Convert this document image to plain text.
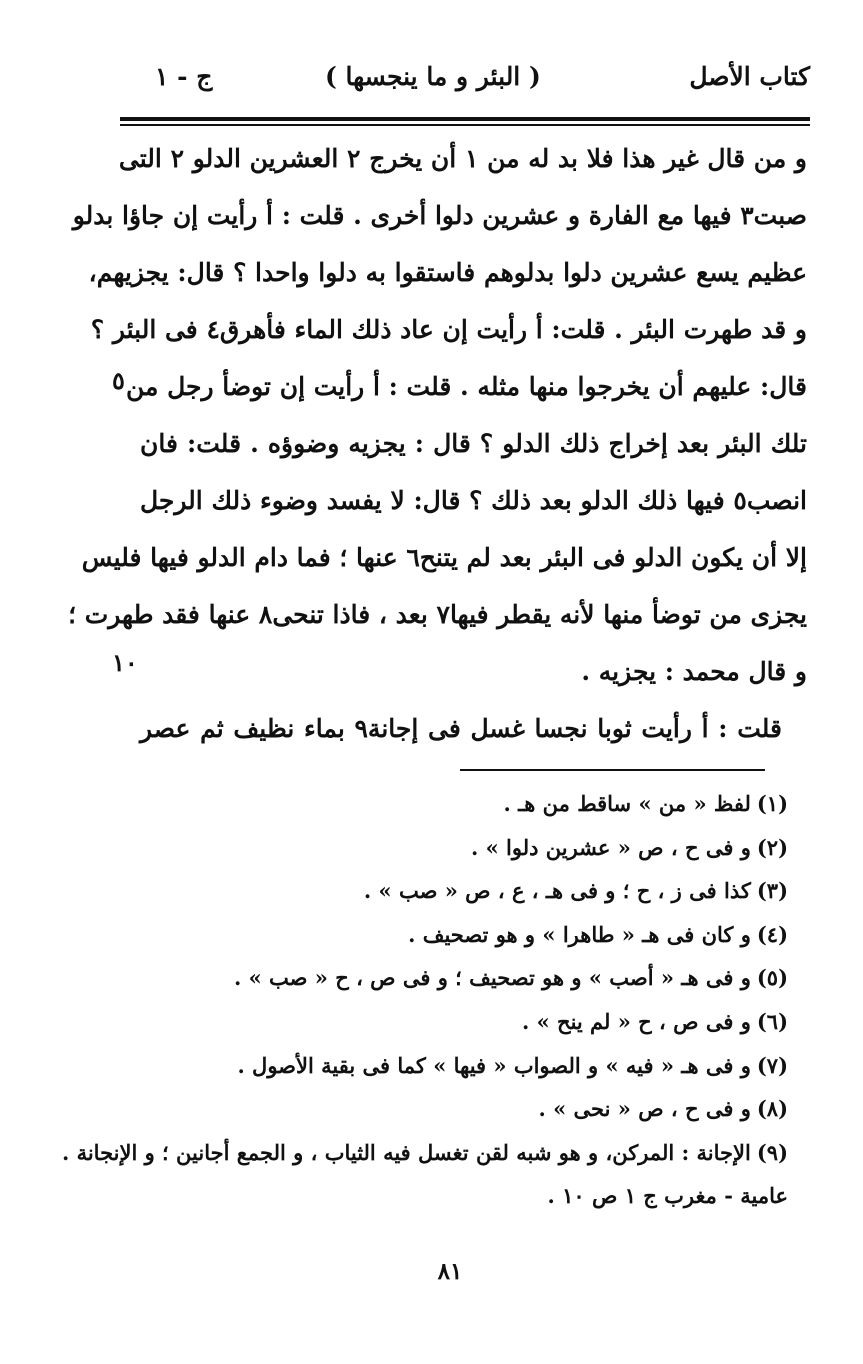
كتاب الأصل
( البئر و ما ينجسها )
ج - ١
و من قال غير هذا فلا بد له من ١ أن يخرج ٢ العشرين الدلو ٢ التى
صبت٣ فيها مع الفارة و عشرين دلوا أخرى . قلت : أ رأيت إن جاؤا بدلو
عظيم يسع عشرين دلوا بدلوهم فاستقوا به دلوا واحدا ؟ قال: يجزيهم،
و قد طهرت البئر . قلت: أ رأيت إن عاد ذلك الماء فأهرق٤ فى البئر ؟
قال: عليهم أن يخرجوا منها مثله . قلت : أ رأيت إن توضأ رجل من
تلك البئر بعد إخراج ذلك الدلو ؟ قال : يجزيه وضوؤه . قلت: فان
انصب٥ فيها ذلك الدلو بعد ذلك ؟ قال: لا يفسد وضوء ذلك الرجل
إلا أن يكون الدلو فى البئر بعد لم يتنح٦ عنها ؛ فما دام الدلو فيها فليس
يجزى من توضأ منها لأنه يقطر فيها٧ بعد ، فاذا تنحى٨ عنها فقد طهرت ؛
و قال محمد : يجزيه .
قلت : أ رأيت ثوبا نجسا غسل فى إجانة٩ بماء نظيف ثم عصر
٥
١٠
(١)لفظ « من » ساقط من هـ .
(٢)و فى ح ، ص « عشرين دلوا » .
(٣)كذا فى ز ، ح ؛ و فى هـ ، ع ، ص « صب » .
(٤)و كان فى هـ « طاهرا » و هو تصحيف .
(٥)و فى هـ « أصب » و هو تصحيف ؛ و فى ص ، ح « صب » .
(٦)و فى ص ، ح « لم ينح » .
(٧)و فى هـ « فيه » و الصواب « فيها » كما فى بقية الأصول .
(٨)و فى ح ، ص « نحى » .
(٩)الإجانة : المركن، و هو شبه لقن تغسل فيه الثياب ، و الجمع أجانين ؛ و الإنجانة .
عامية - مغرب ج ١ ص ١٠ .
٨١
